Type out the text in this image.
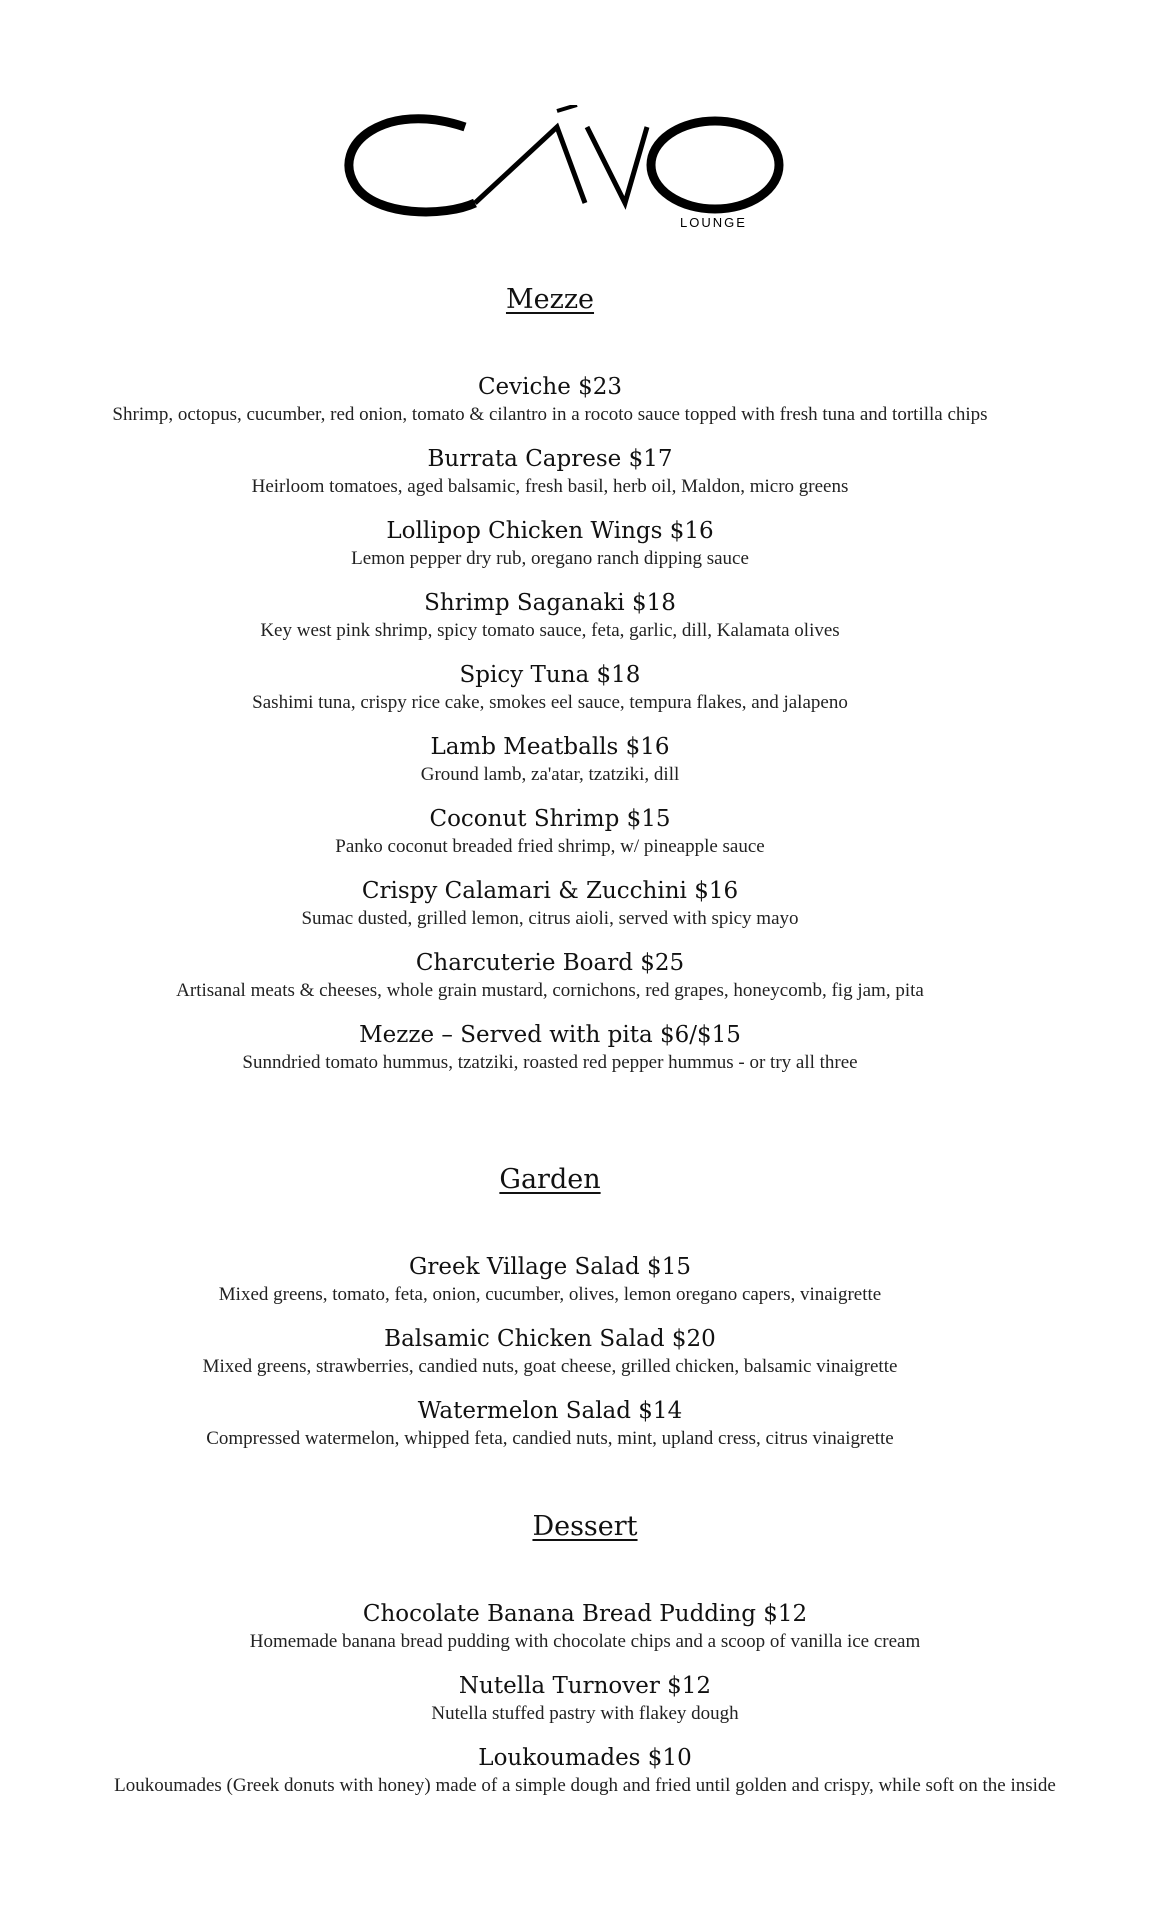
LOUNGE
Mezze

Ceviche $23

Shrimp, octopus, cucumber, red onion, tomato & cilantro in a rocoto sauce topped with fresh tuna and tortilla chips

Burrata Caprese $17

Heirloom tomatoes, aged balsamic, fresh basil, herb oil, Maldon, micro greens

Lollipop Chicken Wings $16

Lemon pepper dry rub, oregano ranch dipping sauce

Shrimp Saganaki $18

Key west pink shrimp, spicy tomato sauce, feta, garlic, dill, Kalamata olives

Spicy Tuna $18

Sashimi tuna, crispy rice cake, smokes eel sauce, tempura flakes, and jalapeno

Lamb Meatballs $16

Ground lamb, za'atar, tzatziki, dill

Coconut Shrimp $15

Panko coconut breaded fried shrimp, w/ pineapple sauce

Crispy Calamari & Zucchini $16

Sumac dusted, grilled lemon, citrus aioli, served with spicy mayo

Charcuterie Board $25

Artisanal meats & cheeses, whole grain mustard, cornichons, red grapes, honeycomb, fig jam, pita

Mezze – Served with pita $6/$15

Sunndried tomato hummus, tzatziki, roasted red pepper hummus - or try all three

Garden

Greek Village Salad $15

Mixed greens, tomato, feta, onion, cucumber, olives, lemon oregano capers, vinaigrette

Balsamic Chicken Salad $20

Mixed greens, strawberries, candied nuts, goat cheese, grilled chicken, balsamic vinaigrette

Watermelon Salad $14

Compressed watermelon, whipped feta, candied nuts, mint, upland cress, citrus vinaigrette

Dessert

Chocolate Banana Bread Pudding $12

Homemade banana bread pudding with chocolate chips and a scoop of vanilla ice cream

Nutella Turnover $12

Nutella stuffed pastry with flakey dough

Loukoumades $10

Loukoumades (Greek donuts with honey) made of a simple dough and fried until golden and crispy, while soft on the inside
